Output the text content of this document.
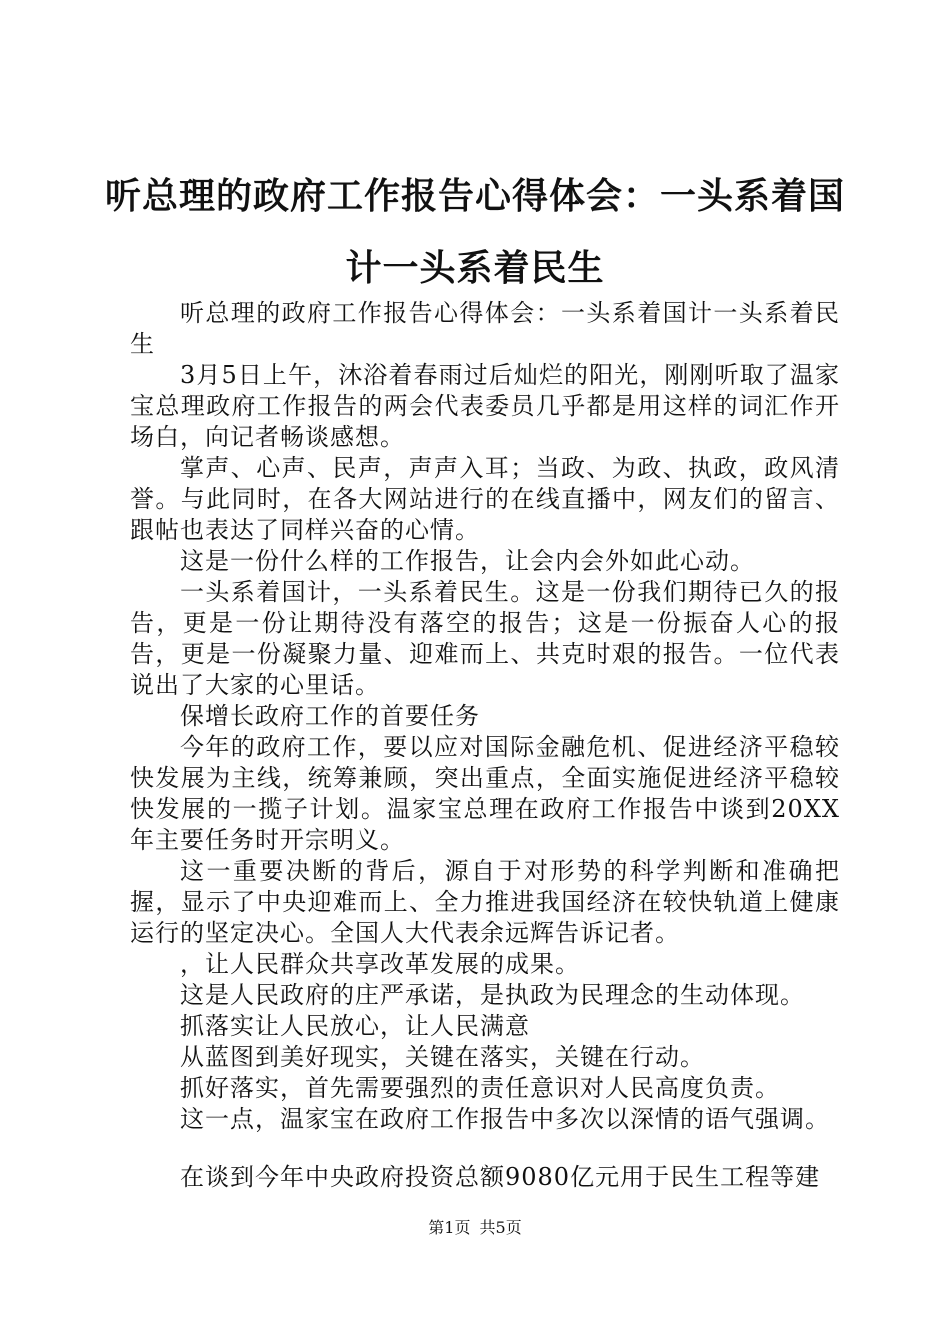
听总理的政府工作报告心得体会：一头系着国
计一头系着民生

听总理的政府工作报告心得体会：一头系着国计一头系着民生

3月5日上午，沐浴着春雨过后灿烂的阳光，刚刚听取了温家宝总理政府工作报告的两会代表委员几乎都是用这样的词汇作开场白，向记者畅谈感想。

掌声、心声、民声，声声入耳；当政、为政、执政，政风清誉。与此同时，在各大网站进行的在线直播中，网友们的留言、跟帖也表达了同样兴奋的心情。

这是一份什么样的工作报告，让会内会外如此心动。

一头系着国计，一头系着民生。这是一份我们期待已久的报告，更是一份让期待没有落空的报告；这是一份振奋人心的报告，更是一份凝聚力量、迎难而上、共克时艰的报告。一位代表说出了大家的心里话。

保增长政府工作的首要任务

今年的政府工作，要以应对国际金融危机、促进经济平稳较快发展为主线，统筹兼顾，突出重点，全面实施促进经济平稳较快发展的一揽子计划。温家宝总理在政府工作报告中谈到20XX年主要任务时开宗明义。

这一重要决断的背后，源自于对形势的科学判断和准确把握，显示了中央迎难而上、全力推进我国经济在较快轨道上健康运行的坚定决心。全国人大代表余远辉告诉记者。

，让人民群众共享改革发展的成果。

这是人民政府的庄严承诺，是执政为民理念的生动体现。

抓落实让人民放心，让人民满意

从蓝图到美好现实，关键在落实，关键在行动。

抓好落实，首先需要强烈的责任意识对人民高度负责。

这一点，温家宝在政府工作报告中多次以深情的语气强调。

在谈到今年中央政府投资总额9080亿元用于民生工程等建

第1页 共5页
